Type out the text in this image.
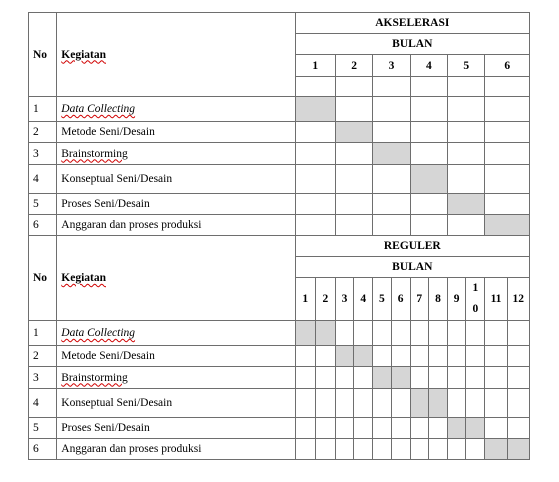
No	Kegiatan	AKSELERASI											
		BULAN											
		1		2		3		4		5		6	

1	Data Collecting												
2	Metode Seni/Desain												
3	Brainstorming												
4	Konseptual Seni/Desain												
5	Proses Seni/Desain												
6	Anggaran dan proses produksi												
No	Kegiatan	REGULER											
		BULAN											
		1	2	3	4	5	6	7	8	9	10	11	12
1	Data Collecting												
2	Metode Seni/Desain												
3	Brainstorming												
4	Konseptual Seni/Desain												
5	Proses Seni/Desain												
6	Anggaran dan proses produksi												
